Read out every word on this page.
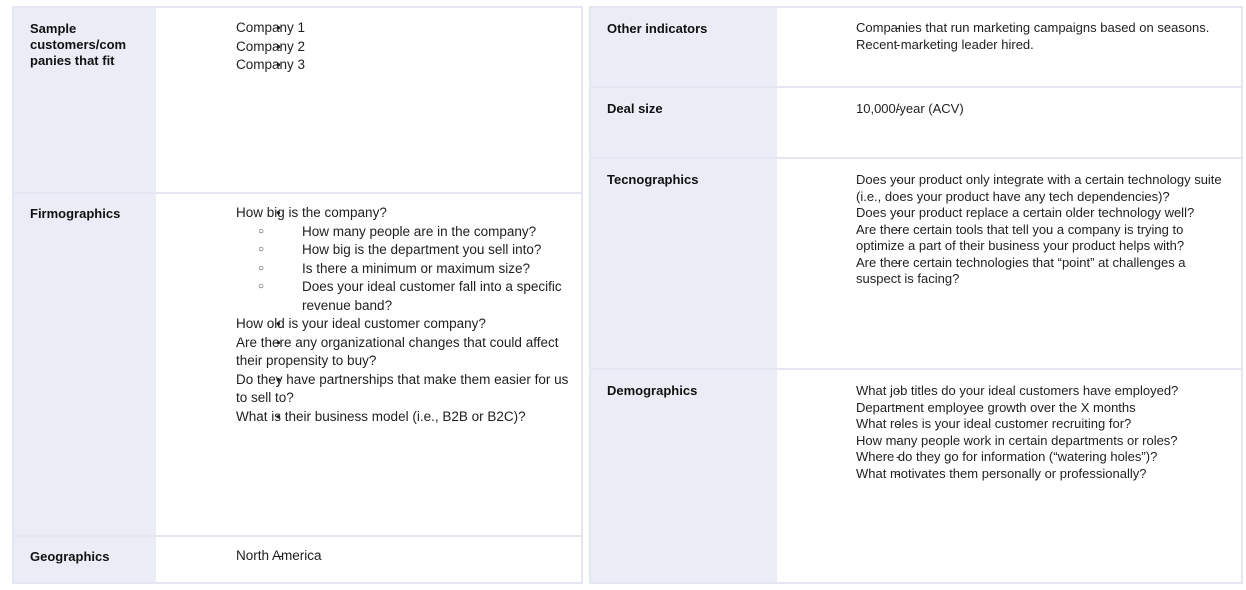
Sample customers/com panies that fit
● Company 1
● Company 2
● Company 3
Firmographics	● How big is the company?
○ How many people are in the company?
○ How big is the department you sell into?
○ Is there a minimum or maximum size?
○ Does your ideal customer fall into a specific revenue band?
● How old is your ideal customer company?
● Are there any organizational changes that could affect their propensity to buy?
● Do they have partnerships that make them easier for us to sell to?
● What is their business model (i.e., B2B or B2C)?
Geographics	- North America
Other indicators	- Companies that run marketing campaigns based on seasons.
- Recent marketing leader hired.
Deal size	- 10,000/year (ACV)
Tecnographics	- Does your product only integrate with a certain technology suite (i.e., does your product have any tech dependencies)?
- Does your product replace a certain older technology well?
- Are there certain tools that tell you a company is trying to optimize a part of their business your product helps with?
- Are there certain technologies that “point” at challenges a suspect is facing?
Demographics	- What job titles do your ideal customers have employed?
- Department employee growth over the X months
- What roles is your ideal customer recruiting for?
- How many people work in certain departments or roles?
- Where do they go for information (“watering holes”)?
- What motivates them personally or professionally?
